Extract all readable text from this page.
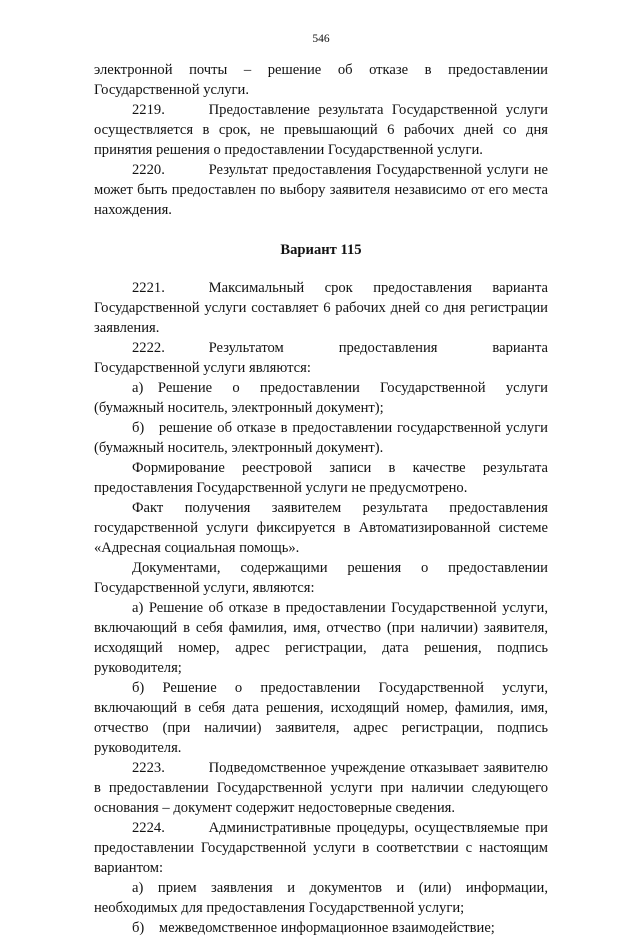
546

электронной почты – решение об отказе в предоставлении Государственной услуги.

2219.   Предоставление результата Государственной услуги осуществляется в срок, не превышающий 6 рабочих дней со дня принятия решения о предоставлении Государственной услуги.

2220.   Результат предоставления Государственной услуги не может быть предоставлен по выбору заявителя независимо от его места нахождения.

Вариант 115

2221.   Максимальный срок предоставления варианта Государственной услуги составляет 6 рабочих дней со дня регистрации заявления.

2222.   Результатом предоставления варианта Государственной услуги являются:

а) Решение о предоставлении Государственной услуги (бумажный носитель, электронный документ);

б) решение об отказе в предоставлении государственной услуги (бумажный носитель, электронный документ).

Формирование реестровой записи в качестве результата предоставления Государственной услуги не предусмотрено.

Факт получения заявителем результата предоставления государственной услуги фиксируется в Автоматизированной системе «Адресная социальная помощь».

Документами, содержащими решения о предоставлении Государственной услуги, являются:

а) Решение об отказе в предоставлении Государственной услуги, включающий в себя фамилия, имя, отчество (при наличии) заявителя, исходящий номер, адрес регистрации, дата решения, подпись руководителя;

б) Решение о предоставлении Государственной услуги, включающий в себя дата решения, исходящий номер, фамилия, имя, отчество (при наличии) заявителя, адрес регистрации, подпись руководителя.

2223.   Подведомственное учреждение отказывает заявителю в предоставлении Государственной услуги при наличии следующего основания – документ содержит недостоверные сведения.

2224.   Административные процедуры, осуществляемые при предоставлении Государственной услуги в соответствии с настоящим вариантом:

а) прием заявления и документов и (или) информации, необходимых для предоставления Государственной услуги;

б) межведомственное информационное взаимодействие;
